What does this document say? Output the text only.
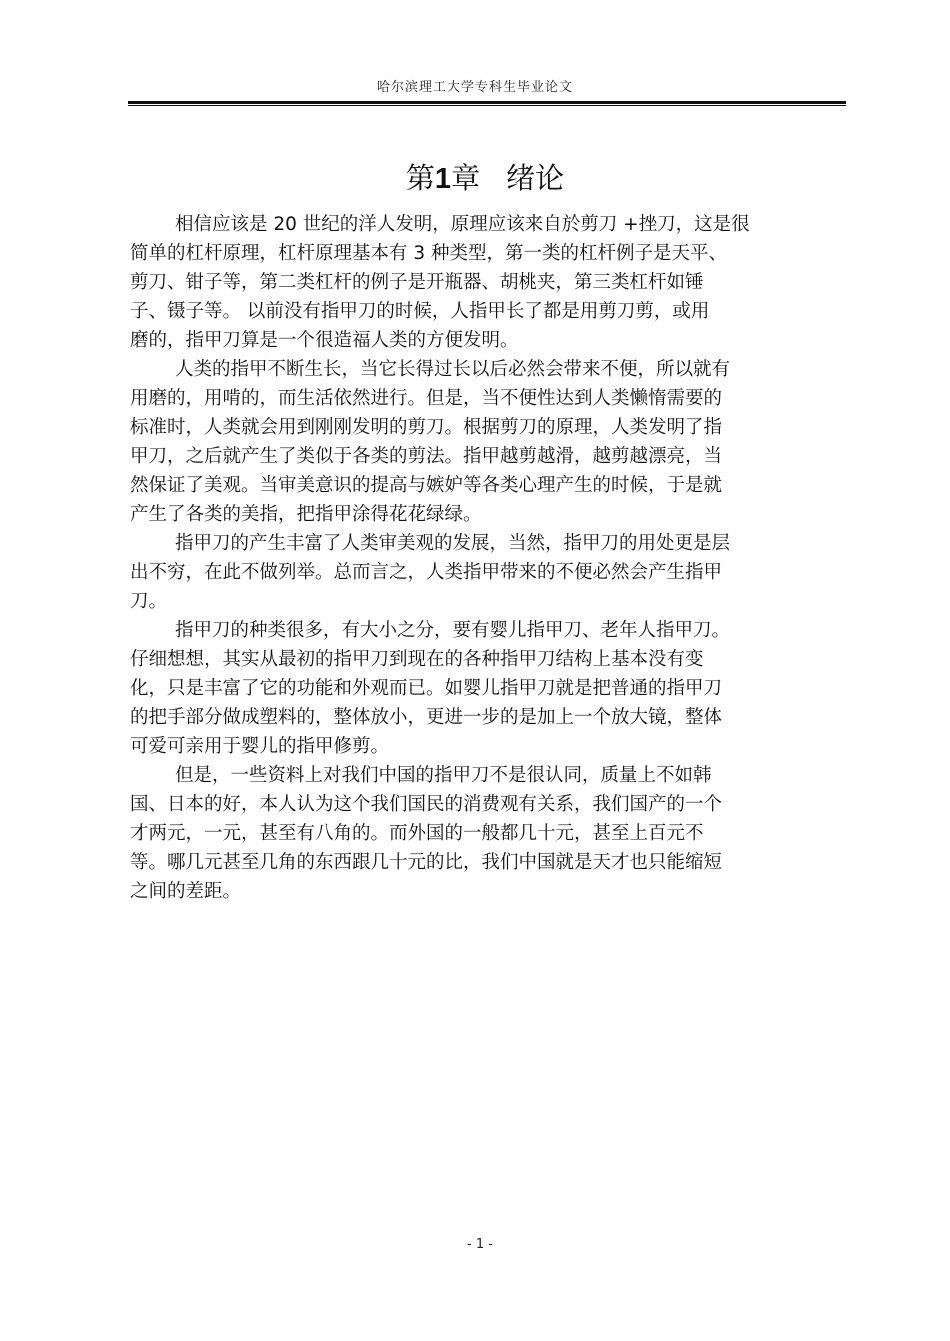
哈尔滨理工大学专科生毕业论文
第1章 绪论
相信应该是 20 世纪的洋人发明，原理应该来自於剪刀 +挫刀，这是很
简单的杠杆原理，杠杆原理基本有 3 种类型，第一类的杠杆例子是天平、
剪刀、钳子等，第二类杠杆的例子是开瓶器、胡桃夹，第三类杠杆如锤
子、镊子等。 以前没有指甲刀的时候，人指甲长了都是用剪刀剪，或用
磨的，指甲刀算是一个很造福人类的方便发明。
人类的指甲不断生长，当它长得过长以后必然会带来不便，所以就有
用磨的，用啃的，而生活依然进行。但是，当不便性达到人类懒惰需要的
标准时，人类就会用到刚刚发明的剪刀。根据剪刀的原理，人类发明了指
甲刀，之后就产生了类似于各类的剪法。指甲越剪越滑，越剪越漂亮，当
然保证了美观。当审美意识的提高与嫉妒等各类心理产生的时候，于是就
产生了各类的美指，把指甲涂得花花绿绿。
指甲刀的产生丰富了人类审美观的发展，当然，指甲刀的用处更是层
出不穷，在此不做列举。总而言之，人类指甲带来的不便必然会产生指甲
刀。
指甲刀的种类很多，有大小之分，要有婴儿指甲刀、老年人指甲刀。
仔细想想，其实从最初的指甲刀到现在的各种指甲刀结构上基本没有变
化，只是丰富了它的功能和外观而已。如婴儿指甲刀就是把普通的指甲刀
的把手部分做成塑料的，整体放小，更进一步的是加上一个放大镜，整体
可爱可亲用于婴儿的指甲修剪。
但是，一些资料上对我们中国的指甲刀不是很认同，质量上不如韩
国、日本的好，本人认为这个我们国民的消费观有关系，我们国产的一个
才两元，一元，甚至有八角的。而外国的一般都几十元，甚至上百元不
等。哪几元甚至几角的东西跟几十元的比，我们中国就是天才也只能缩短
之间的差距。
- 1 -
